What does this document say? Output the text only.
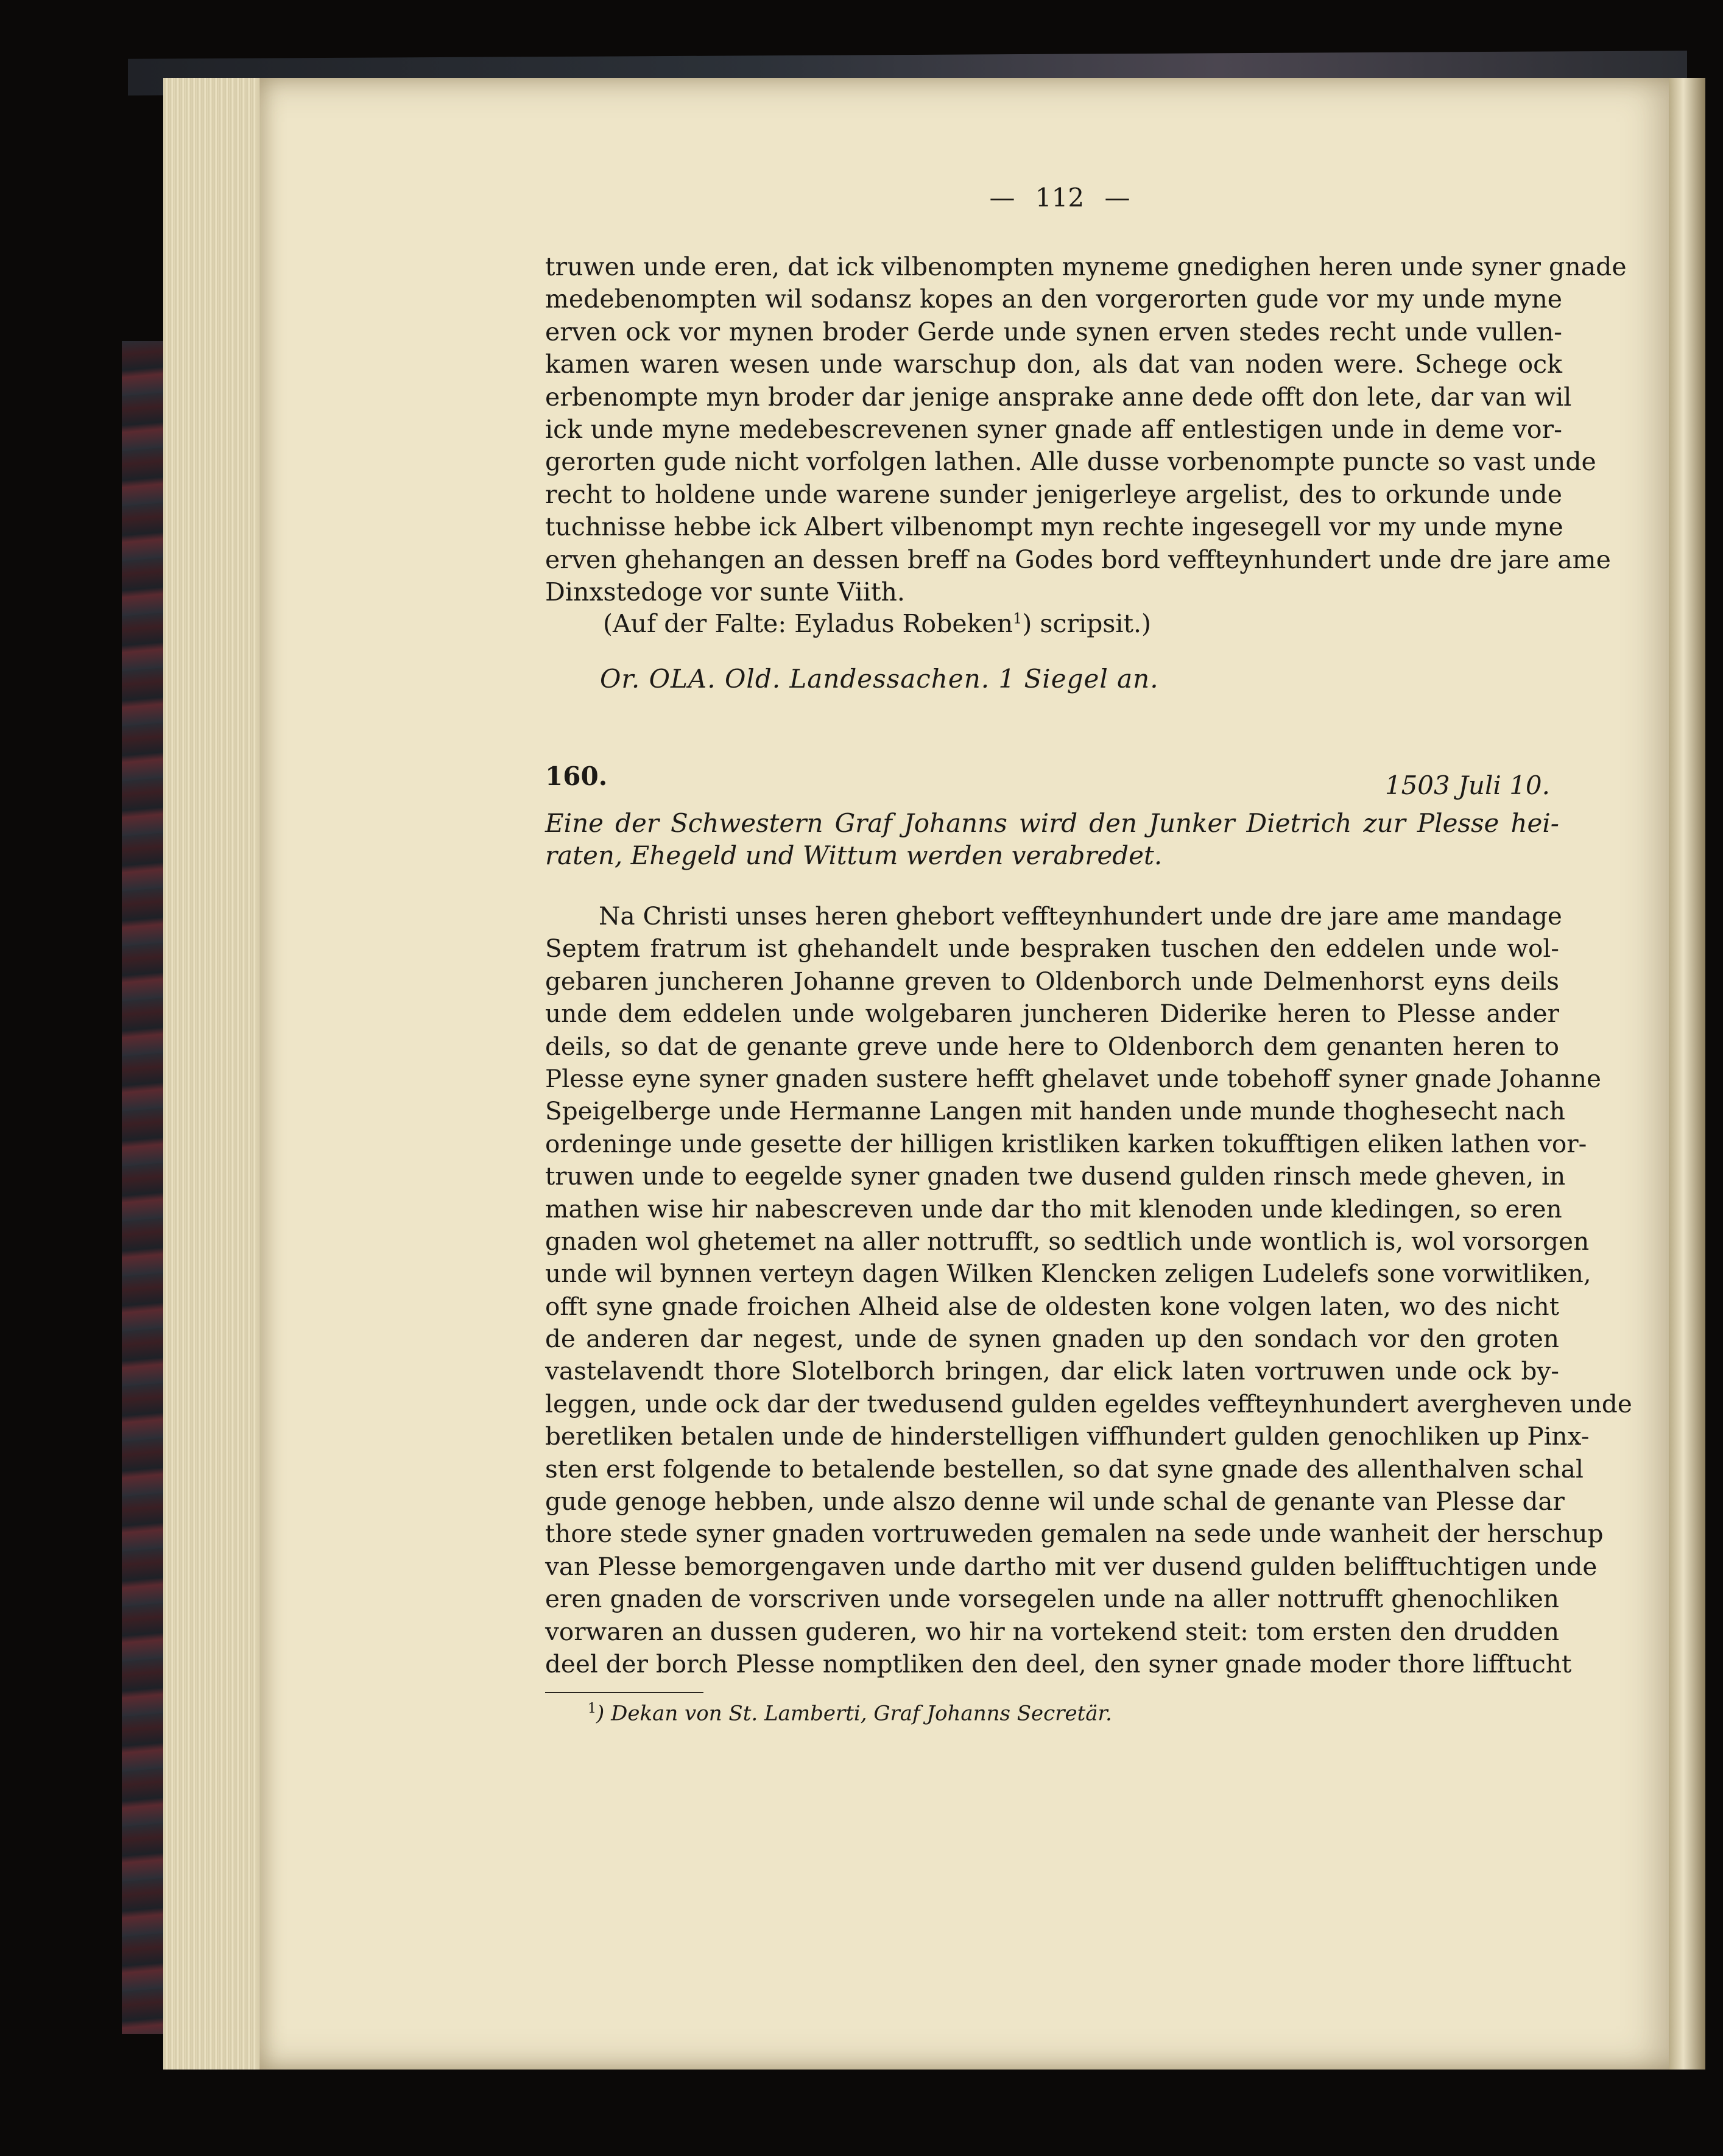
— 112 —
truwen unde eren, dat ick vilbenompten myneme gnedighen heren unde syner gnade
medebenompten wil sodansz kopes an den vorgerorten gude vor my unde myne
erven ock vor mynen broder Gerde unde synen erven stedes recht unde vullen-
kamen waren wesen unde warschup don, als dat van noden were. Schege ock
erbenompte myn broder dar jenige ansprake anne dede offt don lete, dar van wil
ick unde myne medebescrevenen syner gnade aff entlestigen unde in deme vor-
gerorten gude nicht vorfolgen lathen. Alle dusse vorbenompte puncte so vast unde
recht to holdene unde warene sunder jenigerleye argelist, des to orkunde unde
tuchnisse hebbe ick Albert vilbenompt myn rechte ingesegell vor my unde myne
erven ghehangen an dessen breff na Godes bord veffteynhundert unde dre jare ame
Dinxstedoge vor sunte Viith.
(Auf der Falte: Eyladus Robeken$^1$) scripsit.)
Or. OLA. Old. Landessachen. 1 Siegel an.
160.	1503 Juli 10.
Eine der Schwestern Graf Johanns wird den Junker Dietrich zur Plesse hei-
raten, Ehegeld und Wittum werden verabredet.
Na Christi unses heren ghebort veffteynhundert unde dre jare ame mandage
Septem fratrum ist ghehandelt unde bespraken tuschen den eddelen unde wol-
gebaren juncheren Johanne greven to Oldenborch unde Delmenhorst eyns deils
unde dem eddelen unde wolgebaren juncheren Diderike heren to Plesse ander
deils, so dat de genante greve unde here to Oldenborch dem genanten heren to
Plesse eyne syner gnaden sustere hefft ghelavet unde tobehoff syner gnade Johanne
Speigelberge unde Hermanne Langen mit handen unde munde thoghesecht nach
ordeninge unde gesette der hilligen kristliken karken tokufftigen eliken lathen vor-
truwen unde to eegelde syner gnaden twe dusend gulden rinsch mede gheven, in
mathen wise hir nabescreven unde dar tho mit klenoden unde kledingen, so eren
gnaden wol ghetemet na aller nottrufft, so sedtlich unde wontlich is, wol vorsorgen
unde wil bynnen verteyn dagen Wilken Klencken zeligen Ludelefs sone vorwitliken,
offt syne gnade froichen Alheid alse de oldesten kone volgen laten, wo des nicht
de anderen dar negest, unde de synen gnaden up den sondach vor den groten
vastelavendt thore Slotelborch bringen, dar elick laten vortruwen unde ock by-
leggen, unde ock dar der twedusend gulden egeldes veffteynhundert avergheven unde
beretliken betalen unde de hinderstelligen viffhundert gulden genochliken up Pinx-
sten erst folgende to betalende bestellen, so dat syne gnade des allenthalven schal
gude genoge hebben, unde alszo denne wil unde schal de genante van Plesse dar
thore stede syner gnaden vortruweden gemalen na sede unde wanheit der herschup
van Plesse bemorgengaven unde dartho mit ver dusend gulden belifftuchtigen unde
eren gnaden de vorscriven unde vorsegelen unde na aller nottrufft ghenochliken
vorwaren an dussen guderen, wo hir na vortekend steit: tom ersten den drudden
deel der borch Plesse nomptliken den deel, den syner gnade moder thore lifftucht
$^1$) Dekan von St. Lamberti, Graf Johanns Secretär.
